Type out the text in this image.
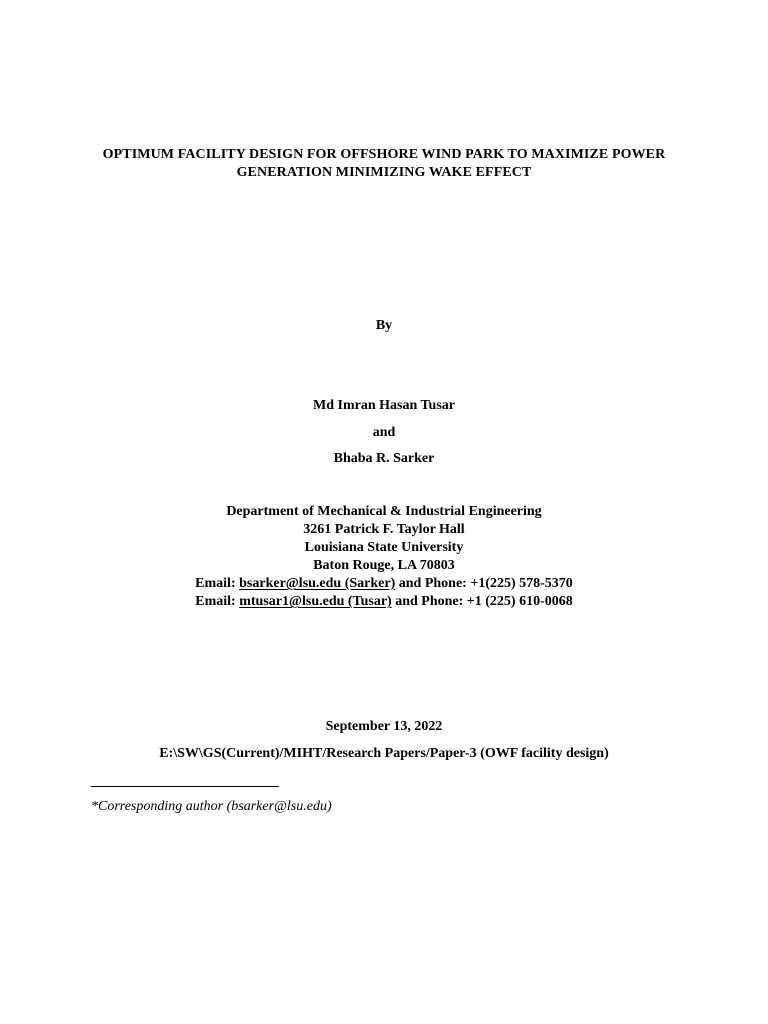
OPTIMUM FACILITY DESIGN FOR OFFSHORE WIND PARK TO MAXIMIZE POWER
GENERATION MINIMIZING WAKE EFFECT
By
Md Imran Hasan Tusar
and
Bhaba R. Sarker
Department of Mechanical & Industrial Engineering
3261 Patrick F. Taylor Hall
Louisiana State University
Baton Rouge, LA 70803
Email: bsarker@lsu.edu (Sarker) and Phone: +1(225) 578-5370
Email: mtusar1@lsu.edu (Tusar) and Phone: +1 (225) 610-0068
September 13, 2022
E:\SW\GS(Current)/MIHT/Research Papers/Paper-3 (OWF facility design)
*Corresponding author (bsarker@lsu.edu)
